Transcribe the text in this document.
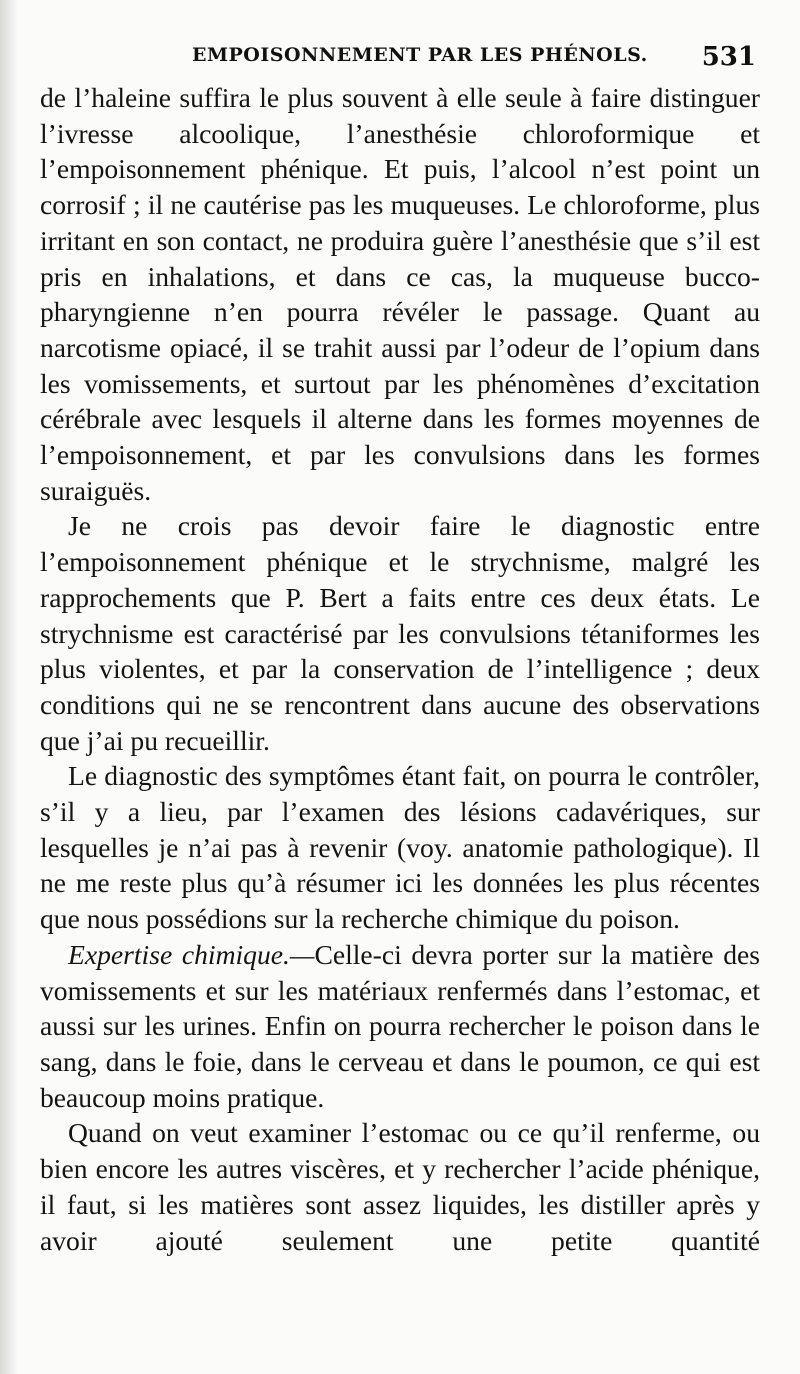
EMPOISONNEMENT PAR LES PHÉNOLS. 531

de l’haleine suffira le plus souvent à elle seule à faire distinguer l’ivresse alcoolique, l’anesthésie chloroformique et l’empoisonnement phénique. Et puis, l’alcool n’est point un corrosif ; il ne cautérise pas les muqueuses. Le chloroforme, plus irritant en son contact, ne produira guère l’anesthésie que s’il est pris en inhalations, et dans ce cas, la muqueuse bucco-pharyngienne n’en pourra révéler le passage. Quant au narcotisme opiacé, il se trahit aussi par l’odeur de l’opium dans les vomissements, et surtout par les phénomènes d’excitation cérébrale avec lesquels il alterne dans les formes moyennes de l’empoisonnement, et par les convulsions dans les formes suraiguës.

Je ne crois pas devoir faire le diagnostic entre l’empoisonnement phénique et le strychnisme, malgré les rapprochements que P. Bert a faits entre ces deux états. Le strychnisme est caractérisé par les convulsions tétaniformes les plus violentes, et par la conservation de l’intelligence ; deux conditions qui ne se rencontrent dans aucune des observations que j’ai pu recueillir.

Le diagnostic des symptômes étant fait, on pourra le contrôler, s’il y a lieu, par l’examen des lésions cadavériques, sur lesquelles je n’ai pas à revenir (voy. anatomie pathologique). Il ne me reste plus qu’à résumer ici les données les plus récentes que nous possédions sur la recherche chimique du poison.

Expertise chimique.—Celle-ci devra porter sur la matière des vomissements et sur les matériaux renfermés dans l’estomac, et aussi sur les urines. Enfin on pourra rechercher le poison dans le sang, dans le foie, dans le cerveau et dans le poumon, ce qui est beaucoup moins pratique.

Quand on veut examiner l’estomac ou ce qu’il renferme, ou bien encore les autres viscères, et y rechercher l’acide phénique, il faut, si les matières sont assez liquides, les distiller après y avoir ajouté seulement une petite quantité
